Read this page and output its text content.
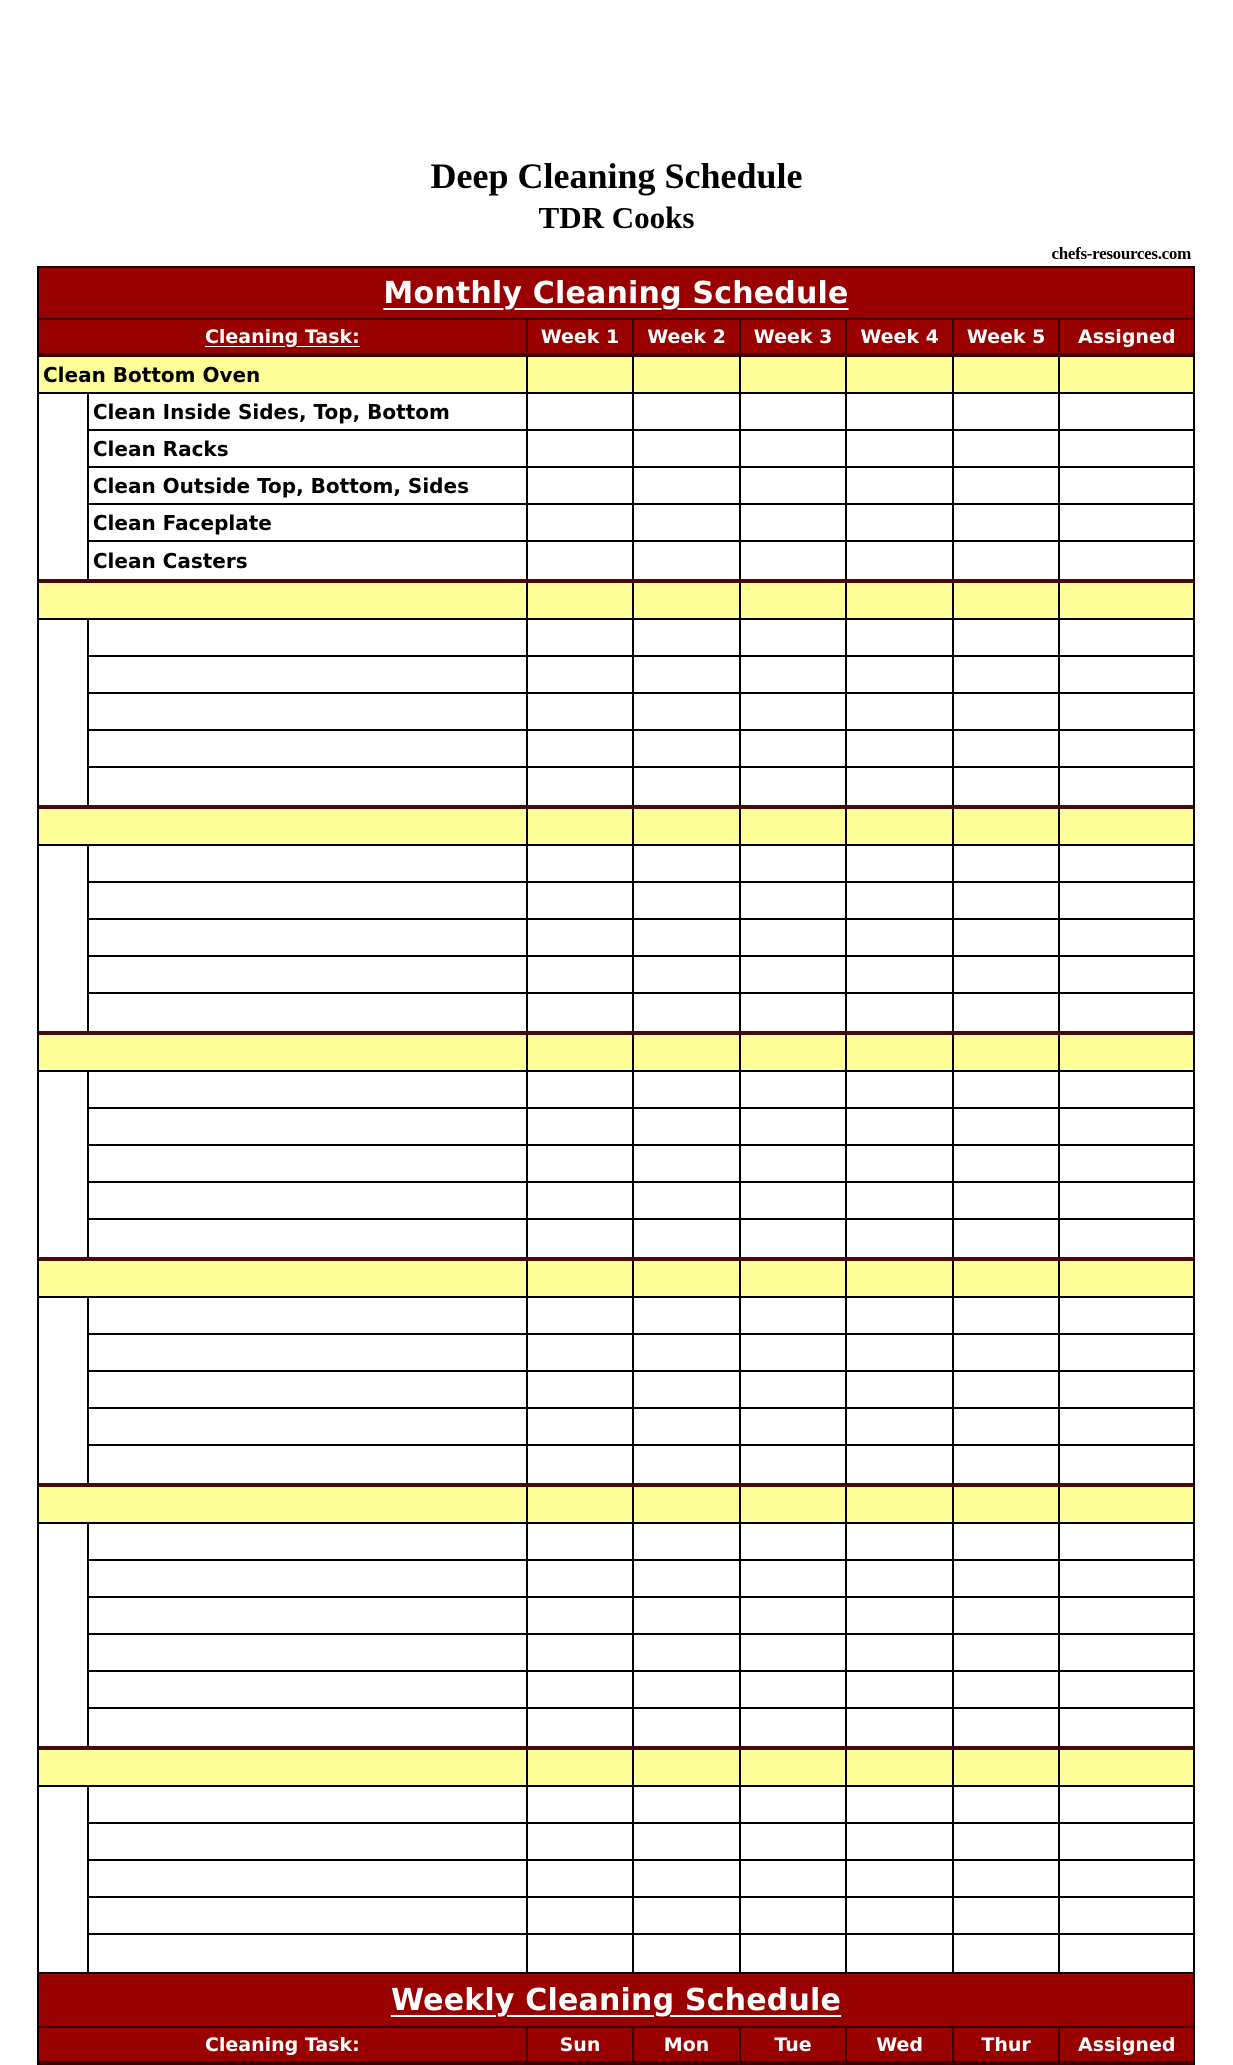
Deep Cleaning Schedule
TDR Cooks
chefs-resources.com
Monthly Cleaning Schedule
Cleaning Task:	Week 1	Week 2	Week 3	Week 4	Week 5	Assigned
Clean Bottom Oven
Clean Inside Sides, Top, Bottom
Clean Racks
Clean Outside Top, Bottom, Sides
Clean Faceplate
Clean Casters
Weekly Cleaning Schedule
Cleaning Task:	Sun	Mon	Tue	Wed	Thur	Assigned
